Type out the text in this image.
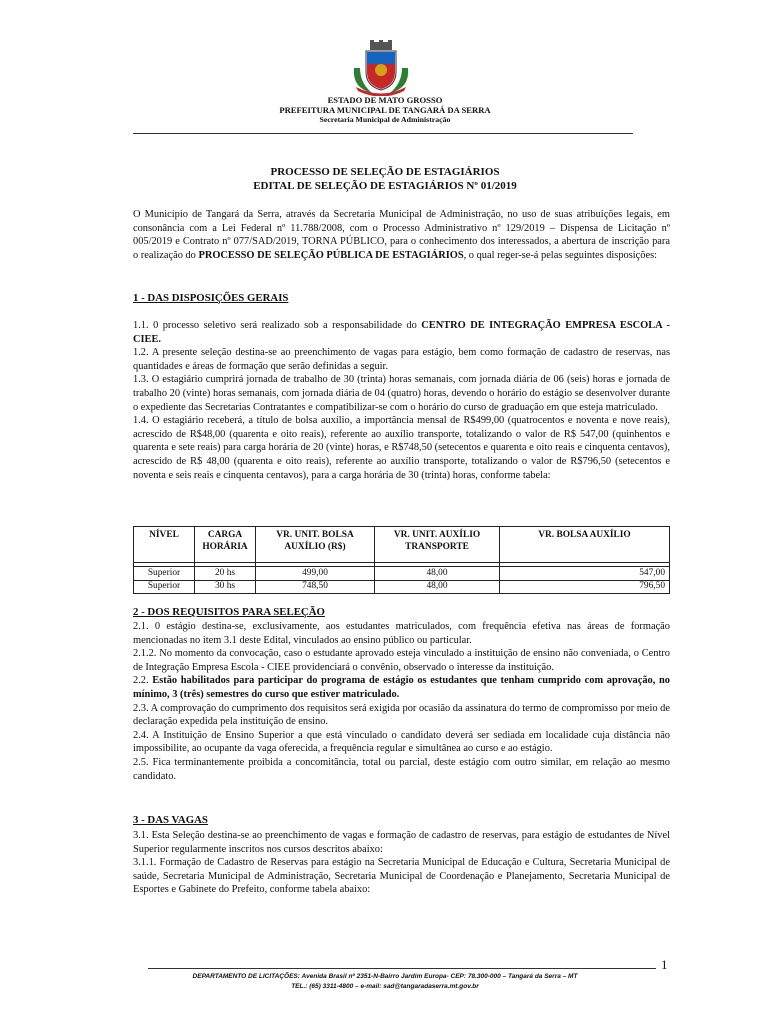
ESTADO DE MATO GROSSO
PREFEITURA MUNICIPAL DE TANGARÁ DA SERRA
Secretaria Municipal de Administração
PROCESSO DE SELEÇÃO DE ESTAGIÁRIOS
EDITAL DE SELEÇÃO DE ESTAGIÁRIOS Nº 01/2019
O Município de Tangará da Serra, através da Secretaria Municipal de Administração, no uso de suas atribuições legais, em consonância com a Lei Federal nº 11.788/2008, com o Processo Administrativo nº 129/2019 – Dispensa de Licitação nº 005/2019 e Contrato nº 077/SAD/2019, TORNA PÚBLICO, para o conhecimento dos interessados, a abertura de inscrição para o realização do PROCESSO DE SELEÇÃO PÚBLICA DE ESTAGIÁRIOS, o qual reger-se-á pelas seguintes disposições:
1 - DAS DISPOSIÇÕES GERAIS

1.1. 0 processo seletivo será realizado sob a responsabilidade do CENTRO DE INTEGRAÇÃO EMPRESA ESCOLA - CIEE.

1.2. A presente seleção destina-se ao preenchimento de vagas para estágio, bem como formação de cadastro de reservas, nas quantidades e áreas de formação que serão definidas a seguir.

1.3. O estagiário cumprirá jornada de trabalho de 30 (trinta) horas semanais, com jornada diária de 06 (seis) horas e jornada de trabalho 20 (vinte) horas semanais, com jornada diária de 04 (quatro) horas, devendo o horário do estágio se desenvolver durante o expediente das Secretarias Contratantes e compatibilizar-se com o horário do curso de graduação em que esteja matriculado.

1.4. O estagiário receberá, a título de bolsa auxílio, a importância mensal de R$499,00 (quatrocentos e noventa e nove reais), acrescido de R$48,00 (quarenta e oito reais), referente ao auxílio transporte, totalizando o valor de R$ 547,00 (quinhentos e quarenta e sete reais) para carga horária de 20 (vinte) horas, e R$748,50 (setecentos e quarenta e oito reais e cinquenta centavos), acrescido de R$ 48,00 (quarenta e oito reais), referente ao auxílio transporte, totalizando o valor de R$796,50 (setecentos e noventa e seis reais e cinquenta centavos), para a carga horária de 30 (trinta) horas, conforme tabela:

NÍVEL	CARGA HORÁRIA	VR. UNIT. BOLSA AUXÍLIO (R$)	VR. UNIT. AUXÍLIO TRANSPORTE	VR. BOLSA AUXÍLIO

Superior	20 hs	499,00	48,00	547,00
Superior	30 hs	748,50	48,00	796,50
2 - DOS REQUISITOS PARA SELEÇÃO

2.1. 0 estágio destina-se, exclusivamente, aos estudantes matriculados, com frequência efetiva nas áreas de formação mencionadas no item 3.1 deste Edital, vinculados ao ensino público ou particular.

2.1.2. No momento da convocação, caso o estudante aprovado esteja vinculado a instituição de ensino não conveniada, o Centro de Integração Empresa Escola - CIEE providenciará o convênio, observado o interesse da instituição.

2.2. Estão habilitados para participar do programa de estágio os estudantes que tenham cumprido com aprovação, no mínimo, 3 (três) semestres do curso que estiver matriculado.

2.3. A comprovação do cumprimento dos requisitos será exigida por ocasião da assinatura do termo de compromisso por meio de declaração expedida pela instituição de ensino.

2.4. A Instituição de Ensino Superior a que está vinculado o candidato deverá ser sediada em localidade cuja distância não impossibilite, ao ocupante da vaga oferecida, a frequência regular e simultânea ao curso e ao estágio.

2.5. Fica terminantemente proibida a concomitância, total ou parcial, deste estágio com outro similar, em relação ao mesmo candidato.

3 - DAS VAGAS

3.1. Esta Seleção destina-se ao preenchimento de vagas e formação de cadastro de reservas, para estágio de estudantes de Nível Superior regularmente inscritos nos cursos descritos abaixo:

3.1.1. Formação de Cadastro de Reservas para estágio na Secretaria Municipal de Educação e Cultura, Secretaria Municipal de saúde, Secretaria Municipal de Administração, Secretaria Municipal de Coordenação e Planejamento, Secretaria Municipal de Esportes e Gabinete do Prefeito, conforme tabela abaixo:

1
DEPARTAMENTO DE LICITAÇÕES: Avenida Brasil nº 2351-N-Bairro Jardim Europa- CEP: 78.300-000 – Tangará da Serra – MT
TEL.: (65) 3311-4800 – e-mail: sad@tangaradaserra.mt.gov.br
